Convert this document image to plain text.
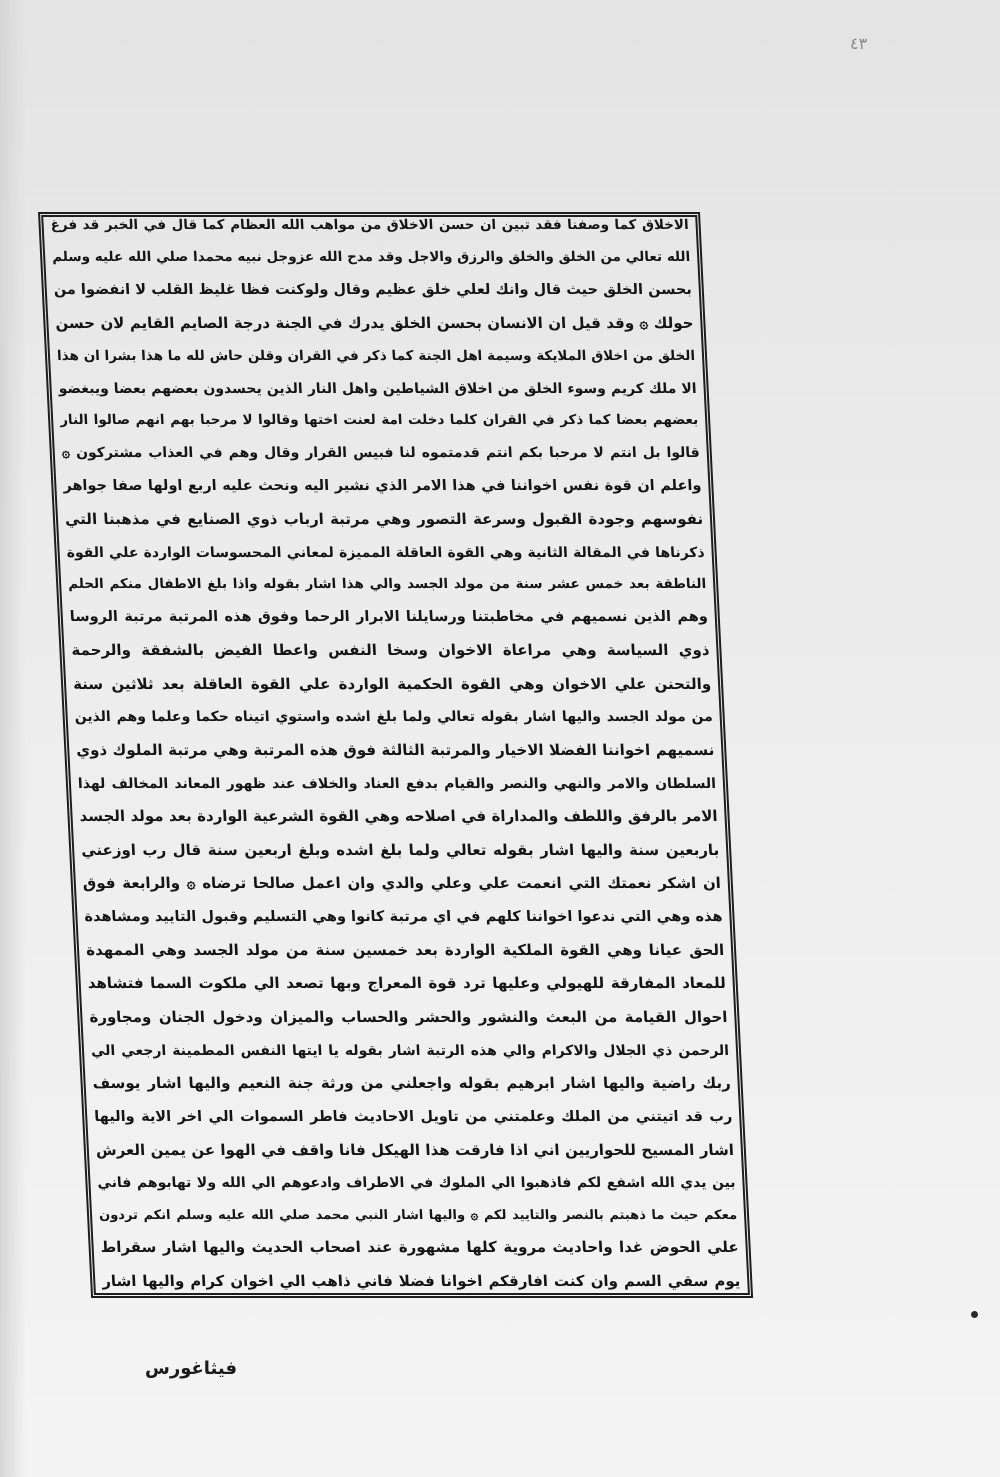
٤٣
الاخلاق كما وصفنا فقد تبين ان حسن الاخلاق من مواهب الله العظام كما قال في الخبر قد فرغ
الله تعالي من الخلق والخلق والرزق والاجل وقد مدح الله عزوجل نبيه محمدا صلي الله عليه وسلم
بحسن الخلق حيث قال وانك لعلي خلق عظيم وقال ولوكنت فظا غليظ القلب لا انفضوا من
حولك ۞ وقد قيل ان الانسان بحسن الخلق يدرك في الجنة درجة الصايم القايم لان حسن
الخلق من اخلاق الملايكة وسيمة اهل الجنة كما ذكر في القران وقلن حاش لله ما هذا بشرا ان هذا
الا ملك كريم وسوء الخلق من اخلاق الشياطين واهل النار الذين يحسدون بعضهم بعضا ويبغضو
بعضهم بعضا كما ذكر في القران كلما دخلت امة لعنت اختها وقالوا لا مرحبا بهم انهم صالوا النار
قالوا بل انتم لا مرحبا بكم انتم قدمتموه لنا فبيس القرار وقال وهم في العذاب مشتركون ۞
واعلم ان قوة نفس اخواننا في هذا الامر الذي نشير اليه ونحث عليه اربع اولها صفا جواهر
نفوسهم وجودة القبول وسرعة التصور وهي مرتبة ارباب ذوي الصنايع في مذهبنا التي
ذكرناها في المقالة الثانية وهي القوة العاقلة المميزة لمعاني المحسوسات الواردة علي القوة
الناطقة بعد خمس عشر سنة من مولد الجسد والي هذا اشار بقوله واذا بلغ الاطفال منكم الحلم
وهم الذين نسميهم في مخاطبتنا ورسايلنا الابرار الرحما وفوق هذه المرتبة مرتبة الروسا
ذوي السياسة وهي مراعاة الاخوان وسخا النفس واعطا الفيض بالشفقة والرحمة
والتحنن علي الاخوان وهي القوة الحكمية الواردة علي القوة العاقلة بعد ثلاثين سنة
من مولد الجسد واليها اشار بقوله تعالي ولما بلغ اشده واستوي اتيناه حكما وعلما وهم الذين
نسميهم اخواننا الفضلا الاخيار والمرتبة الثالثة فوق هذه المرتبة وهي مرتبة الملوك ذوي
السلطان والامر والنهي والنصر والقيام بدفع العناد والخلاف عند ظهور المعاند المخالف لهذا
الامر بالرفق واللطف والمداراة في اصلاحه وهي القوة الشرعية الواردة بعد مولد الجسد
باربعين سنة واليها اشار بقوله تعالي ولما بلغ اشده وبلغ اربعين سنة قال رب اوزعني
ان اشكر نعمتك التي انعمت علي وعلي والدي وان اعمل صالحا ترضاه ۞ والرابعة فوق
هذه وهي التي ندعوا اخواننا كلهم في اي مرتبة كانوا وهي التسليم وقبول التاييد ومشاهدة
الحق عيانا وهي القوة الملكية الواردة بعد خمسين سنة من مولد الجسد وهي الممهدة
للمعاد المفارقة للهيولي وعليها ترد قوة المعراج وبها تصعد الي ملكوت السما فتشاهد
احوال القيامة من البعث والنشور والحشر والحساب والميزان ودخول الجنان ومجاورة
الرحمن ذي الجلال والاكرام والي هذه الرتبة اشار بقوله يا ايتها النفس المطمينة ارجعي الي
ربك راضية واليها اشار ابرهيم بقوله واجعلني من ورثة جنة النعيم واليها اشار يوسف
رب قد اتيتني من الملك وعلمتني من تاويل الاحاديث فاطر السموات الي اخر الاية واليها
اشار المسيح للحواريين اني اذا فارقت هذا الهيكل فانا واقف في الهوا عن يمين العرش
بين يدي الله اشفع لكم فاذهبوا الي الملوك في الاطراف وادعوهم الي الله ولا تهابوهم فاني
معكم حيث ما ذهبتم بالنصر والتاييد لكم ۞ واليها اشار النبي محمد صلي الله عليه وسلم انكم تردون
علي الحوض غدا واحاديث مروية كلها مشهورة عند اصحاب الحديث واليها اشار سقراط
يوم سقي السم وان كنت افارقكم اخوانا فضلا فاني ذاهب الي اخوان كرام واليها اشار
فيثاغورس
